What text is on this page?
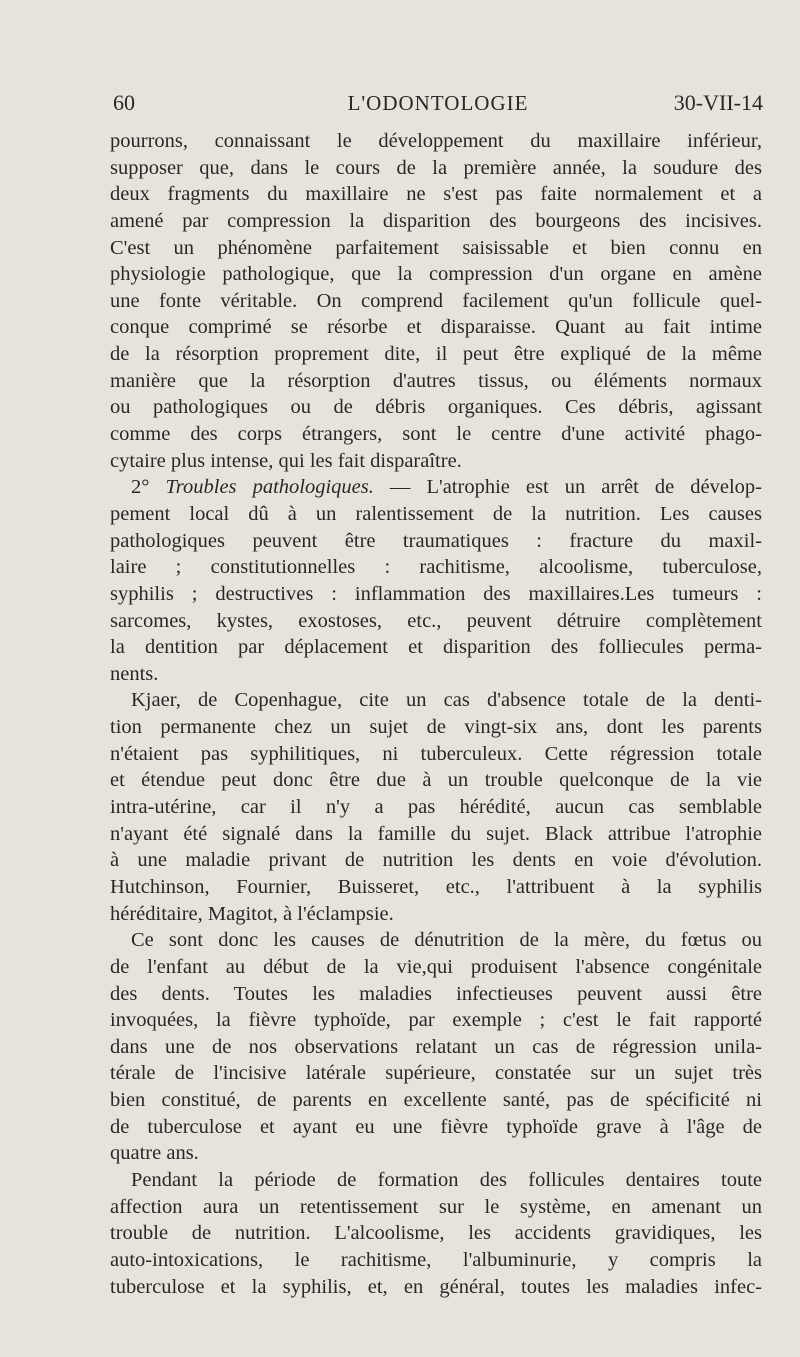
60	L'ODONTOLOGIE	30-VII-14
pourrons, connaissant le développement du maxillaire inférieur,
supposer que, dans le cours de la première année, la soudure des
deux fragments du maxillaire ne s'est pas faite normalement et a
amené par compression la disparition des bourgeons des incisives.
C'est un phénomène parfaitement saisissable et bien connu en
physiologie pathologique, que la compression d'un organe en amène
une fonte véritable. On comprend facilement qu'un follicule quel-
conque comprimé se résorbe et disparaisse. Quant au fait intime
de la résorption proprement dite, il peut être expliqué de la même
manière que la résorption d'autres tissus, ou éléments normaux
ou pathologiques ou de débris organiques. Ces débris, agissant
comme des corps étrangers, sont le centre d'une activité phago-
cytaire plus intense, qui les fait disparaître.
2° Troubles pathologiques. — L'atrophie est un arrêt de dévelop-
pement local dû à un ralentissement de la nutrition. Les causes
pathologiques peuvent être traumatiques : fracture du maxil-
laire ; constitutionnelles : rachitisme, alcoolisme, tuberculose,
syphilis ; destructives : inflammation des maxillaires.Les tumeurs :
sarcomes, kystes, exostoses, etc., peuvent détruire complètement
la dentition par déplacement et disparition des folliecules perma-
nents.
Kjaer, de Copenhague, cite un cas d'absence totale de la denti-
tion permanente chez un sujet de vingt-six ans, dont les parents
n'étaient pas syphilitiques, ni tuberculeux. Cette régression totale
et étendue peut donc être due à un trouble quelconque de la vie
intra-utérine, car il n'y a pas hérédité, aucun cas semblable
n'ayant été signalé dans la famille du sujet. Black attribue l'atrophie
à une maladie privant de nutrition les dents en voie d'évolution.
Hutchinson, Fournier, Buisseret, etc., l'attribuent à la syphilis
héréditaire, Magitot, à l'éclampsie.
Ce sont donc les causes de dénutrition de la mère, du fœtus ou
de l'enfant au début de la vie,qui produisent l'absence congénitale
des dents. Toutes les maladies infectieuses peuvent aussi être
invoquées, la fièvre typhoïde, par exemple ; c'est le fait rapporté
dans une de nos observations relatant un cas de régression unila-
térale de l'incisive latérale supérieure, constatée sur un sujet très
bien constitué, de parents en excellente santé, pas de spécificité ni
de tuberculose et ayant eu une fièvre typhoïde grave à l'âge de
quatre ans.
Pendant la période de formation des follicules dentaires toute
affection aura un retentissement sur le système, en amenant un
trouble de nutrition. L'alcoolisme, les accidents gravidiques, les
auto-intoxications, le rachitisme, l'albuminurie, y compris la
tuberculose et la syphilis, et, en général, toutes les maladies infec-
